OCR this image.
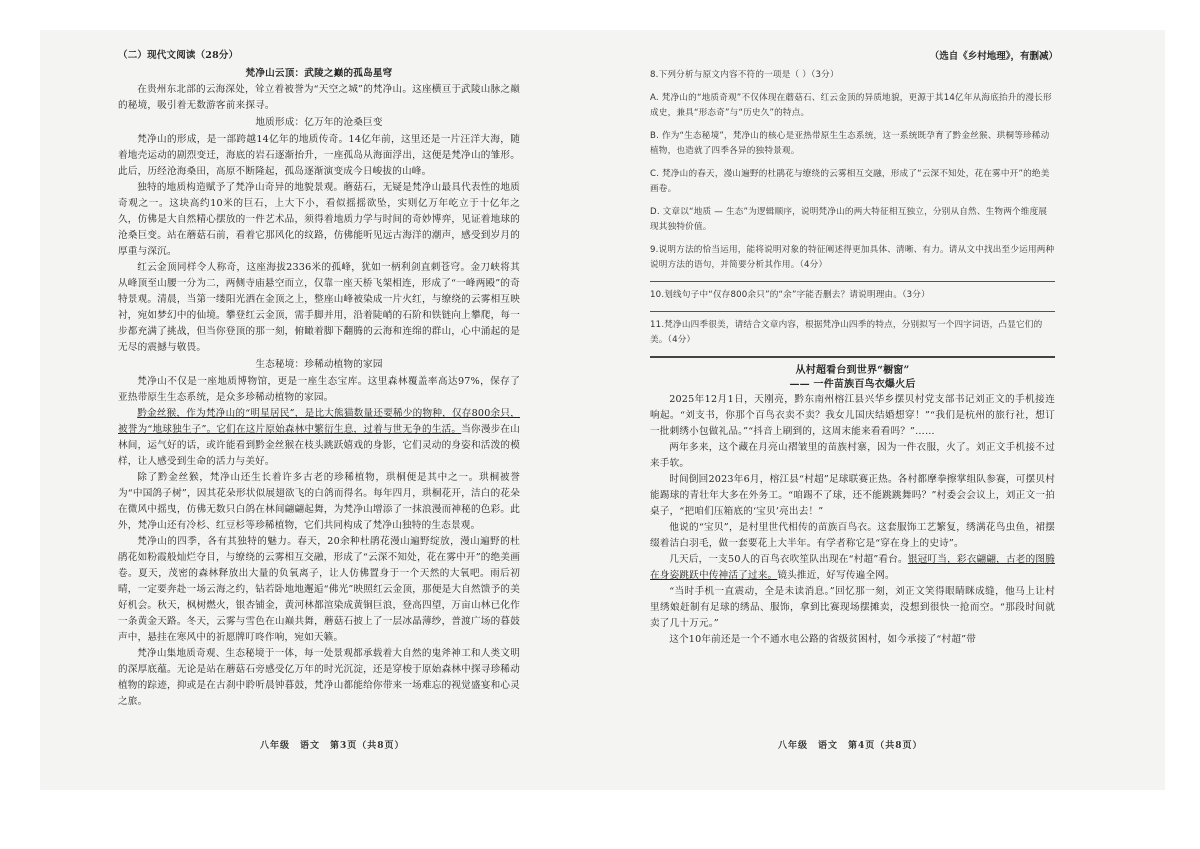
（二）现代文阅读（28分）
梵净山云顶：武陵之巅的孤岛星穹

在贵州东北部的云海深处，耸立着被誉为“天空之城”的梵净山。这座横亘于武陵山脉之巅的秘境，吸引着无数游客前来探寻。

地质形成：亿万年的沧桑巨变

梵净山的形成，是一部跨越14亿年的地质传奇。14亿年前，这里还是一片汪洋大海，随着地壳运动的剧烈变迁，海底的岩石逐渐抬升，一座孤岛从海面浮出，这便是梵净山的雏形。此后，历经沧海桑田，高原不断隆起，孤岛逐渐演变成今日峻拔的山峰。

独特的地质构造赋予了梵净山奇异的地貌景观。蘑菇石，无疑是梵净山最具代表性的地质奇观之一。这块高约10米的巨石，上大下小，看似摇摇欲坠，实则亿万年屹立于十亿年之久，仿佛是大自然精心摆放的一件艺术品，须得着地质力学与时间的奇妙博弈，见证着地球的沧桑巨变。站在蘑菇石前，看着它那风化的纹路，仿佛能听见远古海洋的潮声，感受到岁月的厚重与深沉。

红云金顶同样令人称奇，这座海拔2336米的孤峰，犹如一柄利剑直刺苍穹。金刀峡将其从峰顶至山腰一分为二，两侧寺庙悬空而立，仅靠一座天桥飞架相连，形成了“一峰两殿”的奇特景观。清晨，当第一缕阳光洒在金顶之上，整座山峰被染成一片火红，与缭绕的云雾相互映衬，宛如梦幻中的仙境。攀登红云金顶，需手脚并用，沿着陡峭的石阶和铁链向上攀爬，每一步都充满了挑战，但当你登顶的那一刻，俯瞰着脚下翻腾的云海和连绵的群山，心中涌起的是无尽的震撼与敬畏。

生态秘境：珍稀动植物的家园

梵净山不仅是一座地质博物馆，更是一座生态宝库。这里森林覆盖率高达97%，保存了亚热带原生生态系统，是众多珍稀动植物的家园。

黔金丝猴，作为梵净山的“明星居民”，是比大熊猫数量还要稀少的物种，仅存800余只，被誉为“地球独生子”。它们在这片原始森林中繁衍生息，过着与世无争的生活。当你漫步在山林间，运气好的话，或许能看到黔金丝猴在枝头跳跃嬉戏的身影，它们灵动的身姿和活泼的模样，让人感受到生命的活力与美好。

除了黔金丝猴，梵净山还生长着许多古老的珍稀植物，珙桐便是其中之一。珙桐被誉为“中国鸽子树”，因其花朵形状似展翅欲飞的白鸽而得名。每年四月，珙桐花开，洁白的花朵在微风中摇曳，仿佛无数只白鸽在林间翩翩起舞，为梵净山增添了一抹浪漫而神秘的色彩。此外，梵净山还有冷杉、红豆杉等珍稀植物，它们共同构成了梵净山独特的生态景观。

梵净山的四季，各有其独特的魅力。春天，20余种杜鹃花漫山遍野绽放，漫山遍野的杜鹃花如粉霞般灿烂夺目，与缭绕的云雾相互交融，形成了“云深不知处，花在雾中开”的绝美画卷。夏天，茂密的森林释放出大量的负氧离子，让人仿佛置身于一个天然的大氧吧。雨后初晴，一定要奔赴一场云海之约，钻若卧地地邂逅“佛光”映照红云金顶，那便是大自然馈予的美好机会。秋天，枫树燃火，银杏铺金，黄河林都渲染成黄铜巨浪，登高四望，万亩山林已化作一条黄金天路。冬天，云雾与雪色在山巅共舞，蘑菇石披上了一层冰晶薄纱，普渡广场的暮鼓声中，悬挂在寒风中的祈愿牌叮咚作响，宛如天籁。

梵净山集地质奇观、生态秘境于一体，每一处景观都承载着大自然的鬼斧神工和人类文明的深厚底蕴。无论是站在蘑菇石旁感受亿万年的时光沉淀，还是穿梭于原始森林中探寻珍稀动植物的踪迹，抑或是在古刹中聆听晨钟暮鼓，梵净山都能给你带来一场难忘的视觉盛宴和心灵之旅。

八年级　语文　第3页（共8页）
（选自《乡村地理》，有删减）
8.下列分析与原文内容不符的一项是（ ）（3分）
A. 梵净山的“地质奇观”不仅体现在蘑菇石、红云金顶的异质地貌，更源于其14亿年从海底抬升的漫长形成史，兼具“形态奇”与“历史久”的特点。
B. 作为“生态秘境”，梵净山的核心是亚热带原生生态系统，这一系统既孕育了黔金丝猴、珙桐等珍稀动植物，也造就了四季各异的独特景观。
C. 梵净山的春天，漫山遍野的杜鹃花与缭绕的云雾相互交融，形成了“云深不知处，花在雾中开”的绝美画卷。
D. 文章以“地质 — 生态”为逻辑顺序，说明梵净山的两大特征相互独立，分别从自然、生物两个维度展现其独特价值。
9.说明方法的恰当运用，能将说明对象的特征阐述得更加具体、清晰、有力。请从文中找出至少运用两种说明方法的语句，并简要分析其作用。（4分）
10.划线句子中“仅存800余只”的“余”字能否删去？请说明理由。（3分）
11.梵净山四季很美，请结合文章内容，根据梵净山四季的特点，分别拟写一个四字词语，凸显它们的美。（4分）
从村超看台到世界“橱窗”
—— 一件苗族百鸟衣爆火后

2025年12月1日，天刚亮，黔东南州榕江县兴华乡摆贝村党支部书记刘正文的手机接连响起。“刘支书，你那个百鸟衣卖不卖？我女儿国庆结婚想穿！”“我们是杭州的旅行社，想订一批刺绣小包做礼品。”“抖音上刷到的，这周末能来看看吗？”……

两年多来，这个藏在月亮山褶皱里的苗族村寨，因为一件衣服，火了。刘正文手机接不过来手软。

时间倒回2023年6月，榕江县“村超”足球联赛正热。各村都摩拳擦掌组队参赛，可摆贝村能踢球的青壮年大多在外务工。“咱踢不了球，还不能跳跳舞吗？”村委会会议上，刘正文一拍桌子，“把咱们压箱底的‘宝贝’亮出去！”

他说的“宝贝”，是村里世代相传的苗族百鸟衣。这套服饰工艺繁复，绣满花鸟虫鱼，裙摆缀着洁白羽毛，做一套要花上大半年。有学者称它是“穿在身上的史诗”。

几天后，一支50人的百鸟衣吹笙队出现在“村超”看台。银冠叮当，彩衣翩翩，古老的图腾在身姿跳跃中传神活了过来。镜头推近，好写传遍全网。

“当时手机一直震动，全是未读消息。”回忆那一刻，刘正文笑得眼睛眯成缝，他马上让村里绣娘赶制有足球的绣品、服饰，拿到比赛现场摆摊卖，没想到很快一抢而空。“那段时间就卖了几十万元。”

这个10年前还是一个不通水电公路的省级贫困村，如今承接了“村超”带

八年级　语文　第4页（共8页）
